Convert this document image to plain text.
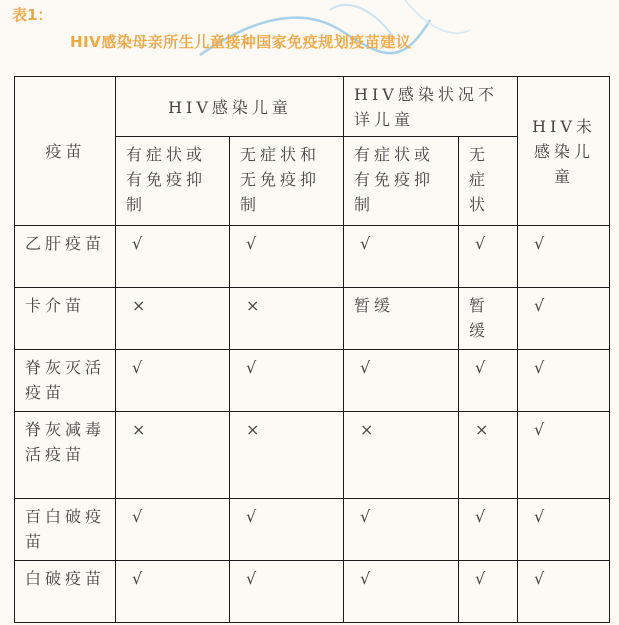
表1：
HIV感染母亲所生儿童接种国家免疫规划疫苗建议
疫苗	HIV感染儿童		HIV感染状况不详儿童		HIV未感染儿童
	有症状或有免疫抑制	无症状和无免疫抑制	有症状或有免疫抑制	无症状	
乙肝疫苗	√	√	√	√	√
卡介苗	×	×	暂缓	暂缓	√
脊灰灭活疫苗	√	√	√	√	√
脊灰减毒活疫苗	×	×	×	×	√
百白破疫苗	√	√	√	√	√
白破疫苗	√	√	√	√	√
